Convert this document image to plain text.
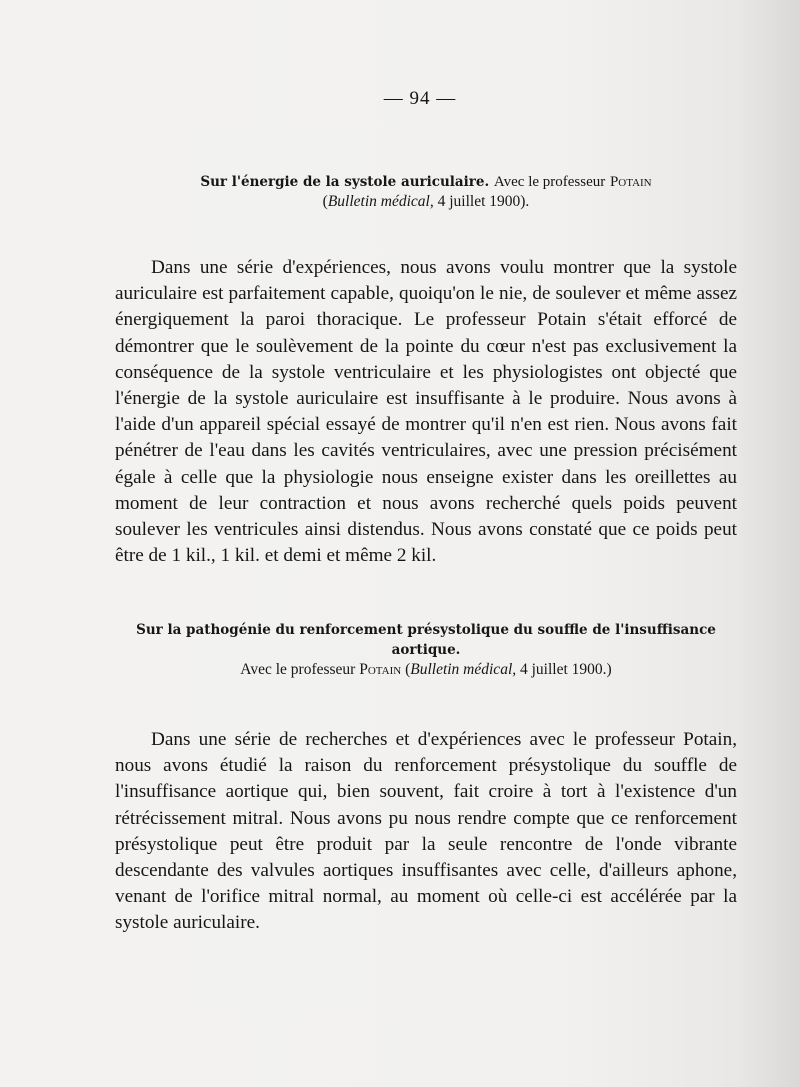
— 94 —
Sur l'énergie de la systole auriculaire. Avec le professeur Potain
(Bulletin médical, 4 juillet 1900).

Dans une série d'expériences, nous avons voulu montrer que la systole auriculaire est parfaitement capable, quoiqu'on le nie, de soulever et même assez énergiquement la paroi thoracique. Le professeur Potain s'était efforcé de démontrer que le soulèvement de la pointe du cœur n'est pas exclusivement la conséquence de la systole ventriculaire et les physiologistes ont objecté que l'énergie de la systole auriculaire est insuffisante à le produire. Nous avons à l'aide d'un appareil spécial essayé de montrer qu'il n'en est rien. Nous avons fait pénétrer de l'eau dans les cavités ventriculaires, avec une pression précisément égale à celle que la physiologie nous enseigne exister dans les oreillettes au moment de leur contraction et nous avons recherché quels poids peuvent soulever les ventricules ainsi distendus. Nous avons constaté que ce poids peut être de 1 kil., 1 kil. et demi et même 2 kil.

Sur la pathogénie du renforcement présystolique du souffle de l'insuffisance aortique.
Avec le professeur Potain (Bulletin médical, 4 juillet 1900.)

Dans une série de recherches et d'expériences avec le professeur Potain, nous avons étudié la raison du renforcement présystolique du souffle de l'insuffisance aortique qui, bien souvent, fait croire à tort à l'existence d'un rétrécissement mitral. Nous avons pu nous rendre compte que ce renforcement présystolique peut être produit par la seule rencontre de l'onde vibrante descendante des valvules aortiques insuffisantes avec celle, d'ailleurs aphone, venant de l'orifice mitral normal, au moment où celle-ci est accélérée par la systole auriculaire.
